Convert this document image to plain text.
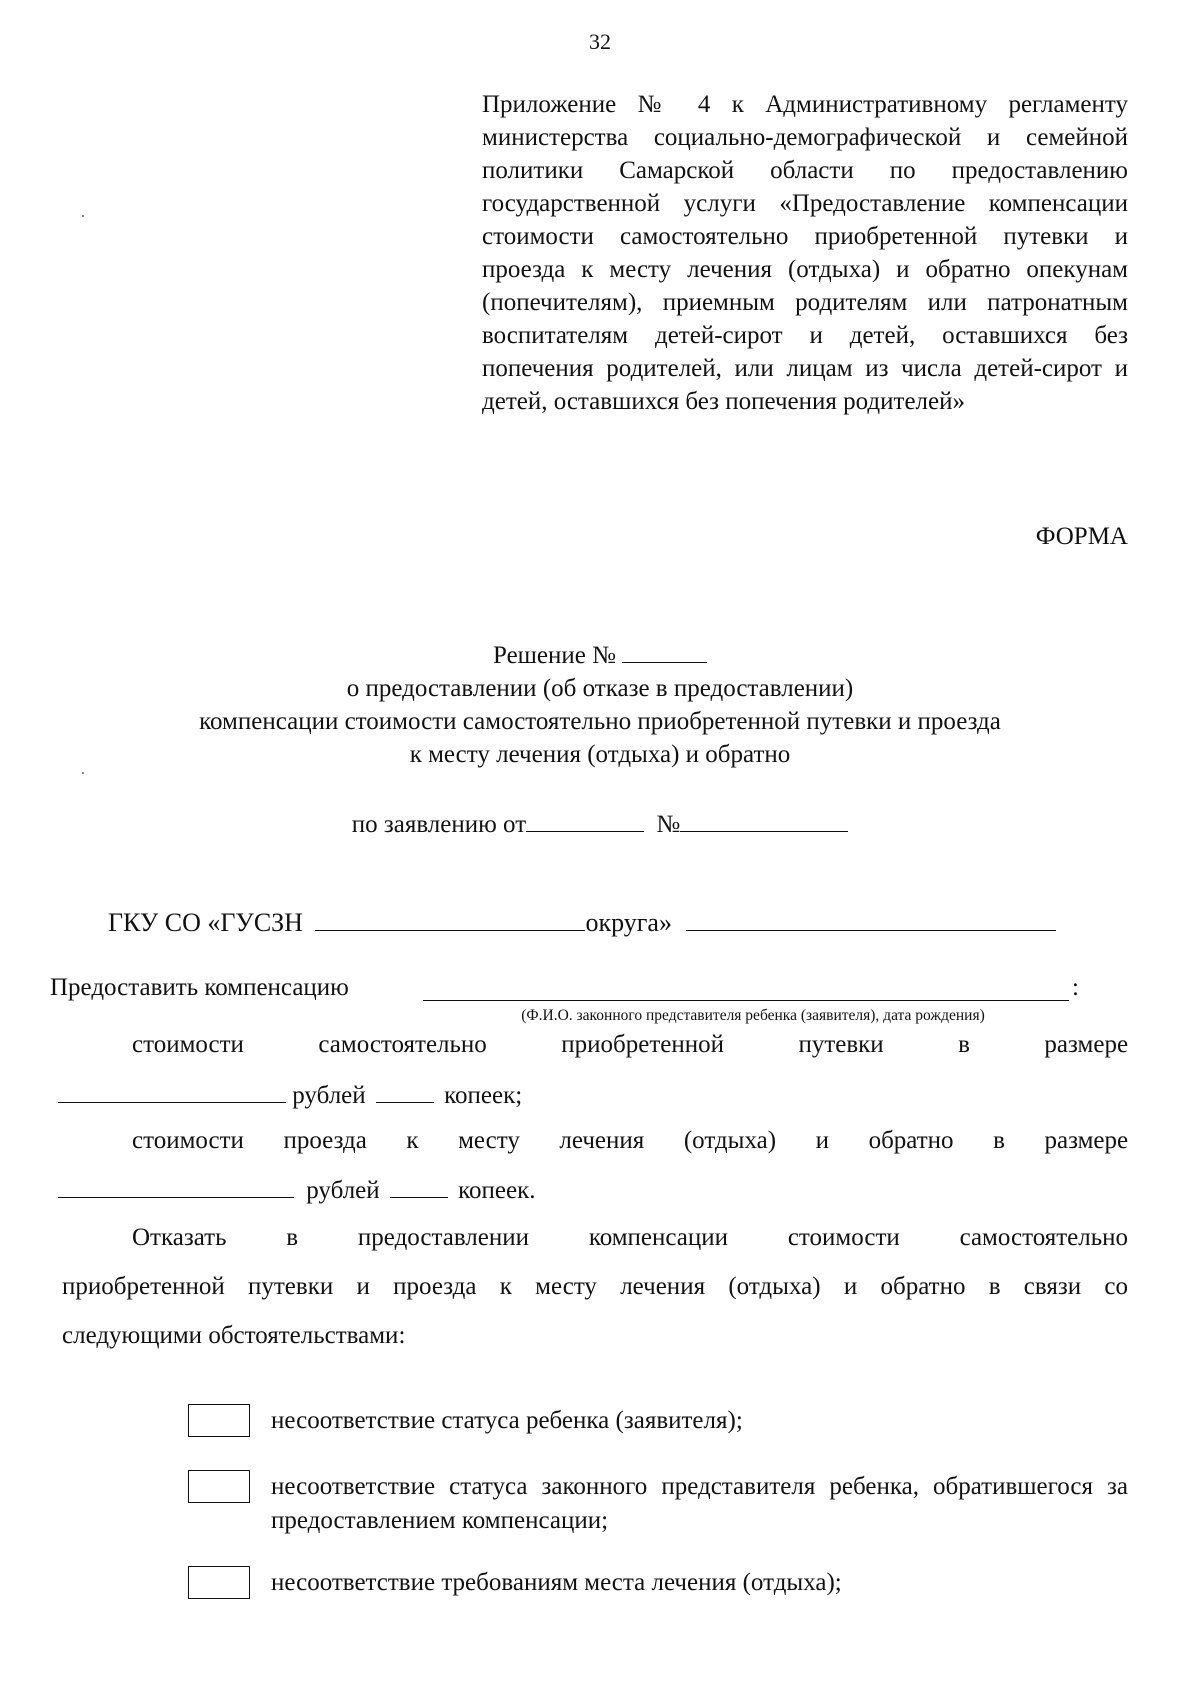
32
Приложение № 4 к Административному регламенту министерства социально-демографической и семейной политики Самарской области по предоставлению государственной услуги «Предоставление компенсации стоимости самостоятельно приобретенной путевки и проезда к месту лечения (отдыха) и обратно опекунам (попечителям), приемным родителям или патронатным воспитателям детей-сирот и детей, оставшихся без попечения родителей, или лицам из числа детей-сирот и детей, оставшихся без попечения родителей»
ФОРМА
Решение №
о предоставлении (об отказе в предоставлении)
компенсации стоимости самостоятельно приобретенной путевки и проезда
к месту лечения (отдыха) и обратно
по заявлению от	№
ГКУ СО «ГУСЗН	округа»
Предоставить компенсацию	:
(Ф.И.О. законного представителя ребенка (заявителя), дата рождения)
стоимости	самостоятельно	приобретенной	путевки	в	размере
рублей	копеек;
стоимости проезда к месту лечения (отдыха) и обратно в размере
рублей	копеек.
Отказать в предоставлении компенсации стоимости самостоятельно
приобретенной путевки и проезда к месту лечения (отдыха) и обратно в связи со
следующими обстоятельствами:
несоответствие статуса ребенка (заявителя);
несоответствие статуса законного представителя ребенка, обратившегося за предоставлением компенсации;
несоответствие требованиям места лечения (отдыха);
